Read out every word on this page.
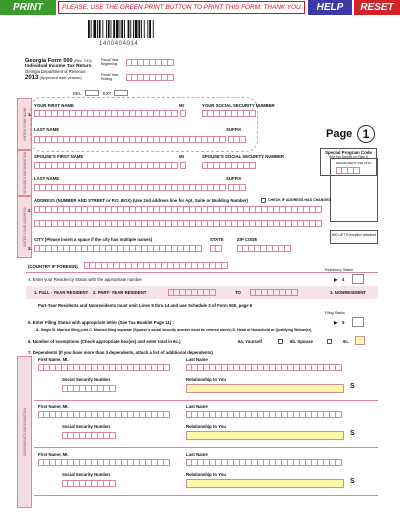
PRINT	PLEASE, USE THE GREEN PRINT BUTTON TO PRINT THIS FORM. THANK YOU.	HELP	RESET
1400404014
Georgia Form 500 (Rev. 7/13)
Individual Income Tax Return
Georgia Department of Revenue
2013 (Approved web version)
Fiscal Year Beginning
Fiscal Year Ending
DEL	EXT
Page 1
Special Program Code
See Tax Booklet on Page 8
DEPARTMENT USE ONLY
500 UET Exemption Attached
ENTER YOUR NAME
SPOUSE'S INFORMATION
ENTER YOUR ADDRESS
DEPENDENTS INFORMATION
1.
YOUR FIRST NAME	MI	YOUR SOCIAL SECURITY NUMBER
LAST NAME	SUFFIX
SPOUSE'S FIRST NAME	MI	SPOUSE'S SOCIAL SECURITY NUMBER
LAST NAME	SUFFIX
ADDRESS (NUMBER AND STREET or P.O. BOX) (Use 2nd address line for Apt, Suite or Building Number)	CHECK IF ADDRESS HAS CHANGED
2.
CITY (Please insert a space if the city has multiple names)	STATE	ZIP CODE
3.
(COUNTRY IF FOREIGN)
4. Enter your Residency Status with the appropriate number
Residency Status
▶ 4
1. FULL - YEAR RESIDENT 2. PART- YEAR RESIDENT	TO	3. NONRESIDENT
Part-Year Residents and Nonresidents must omit Lines 9 thru 14 and use Schedule 3 of Form 500, page 6
5. Enter Filing Status with appropriate letter (See Tax Booklet Page 11) :
Filing Status
▶ 5
A. Single B. Married filing joint C. Married filing separate (Spouse's social security number must be entered above) D. Head of Household or Qualifying Widow(er)
6. Number of exemptions (Check appropriate box(es) and enter total in 6c.)	6a. Yourself	6b. Spouse	6c.
7. Dependents (If you have more than 3 dependents, attach a list of additional dependents)
First Name, MI.	Last Name
Social Security Number	Relationship to You
S
First Name, MI.	Last Name
Social Security Number	Relationship to You
S
First Name, MI.	Last Name
Social Security Number	Relationship to You
S
